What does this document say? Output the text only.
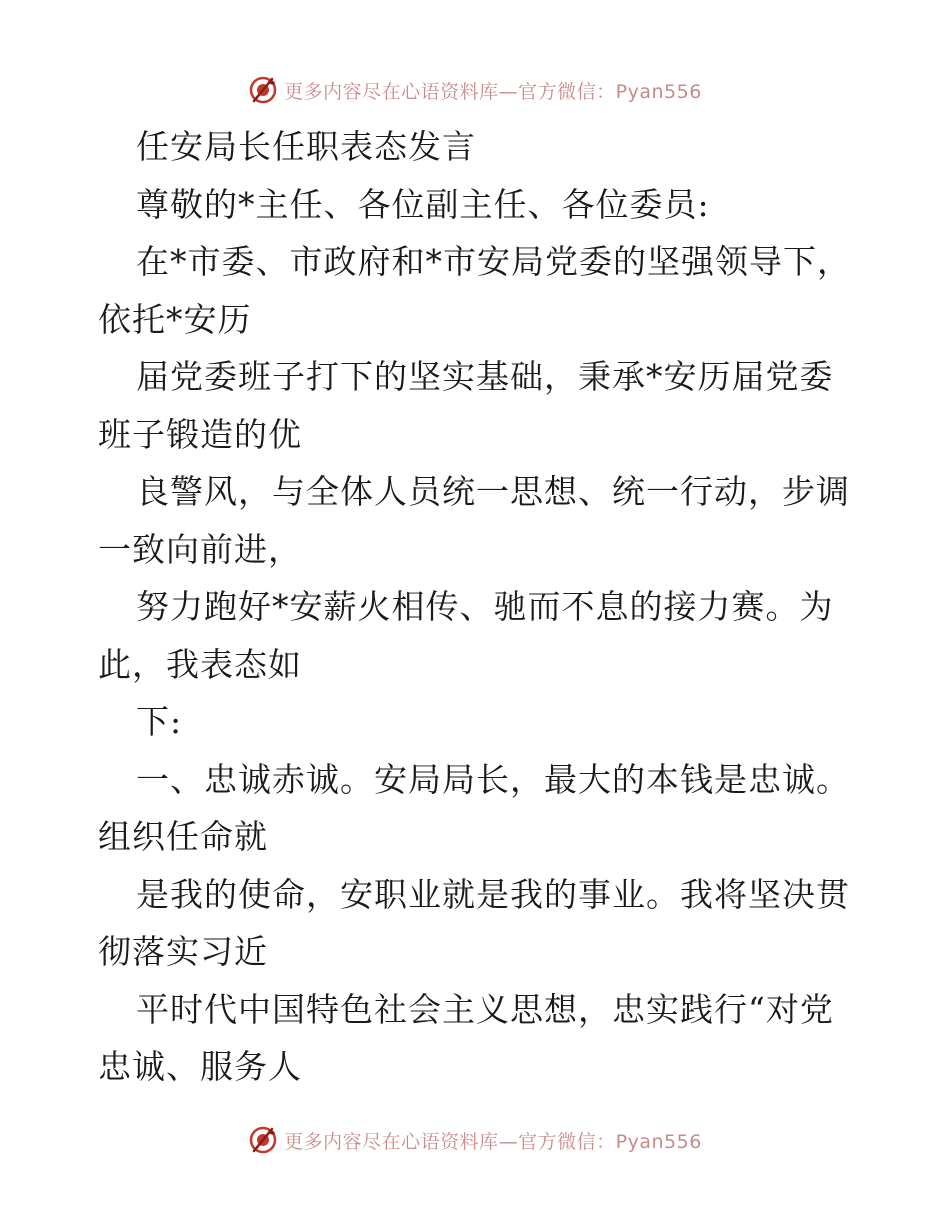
更多内容尽在心语资料库—官方微信：Pyan556
任安局长任职表态发言
尊敬的*主任、各位副主任、各位委员:
在*市委、市政府和*市安局党委的坚强领导下，
依托*安历
届党委班子打下的坚实基础，秉承*安历届党委
班子锻造的优
良警风，与全体人员统一思想、统一行动，步调
一致向前进，
努力跑好*安薪火相传、驰而不息的接力赛。为
此，我表态如
下:
一、忠诚赤诚。安局局长，最大的本钱是忠诚。
组织任命就
是我的使命，安职业就是我的事业。我将坚决贯
彻落实习近
平时代中国特色社会主义思想，忠实践行“对党
忠诚、服务人
更多内容尽在心语资料库—官方微信：Pyan556
